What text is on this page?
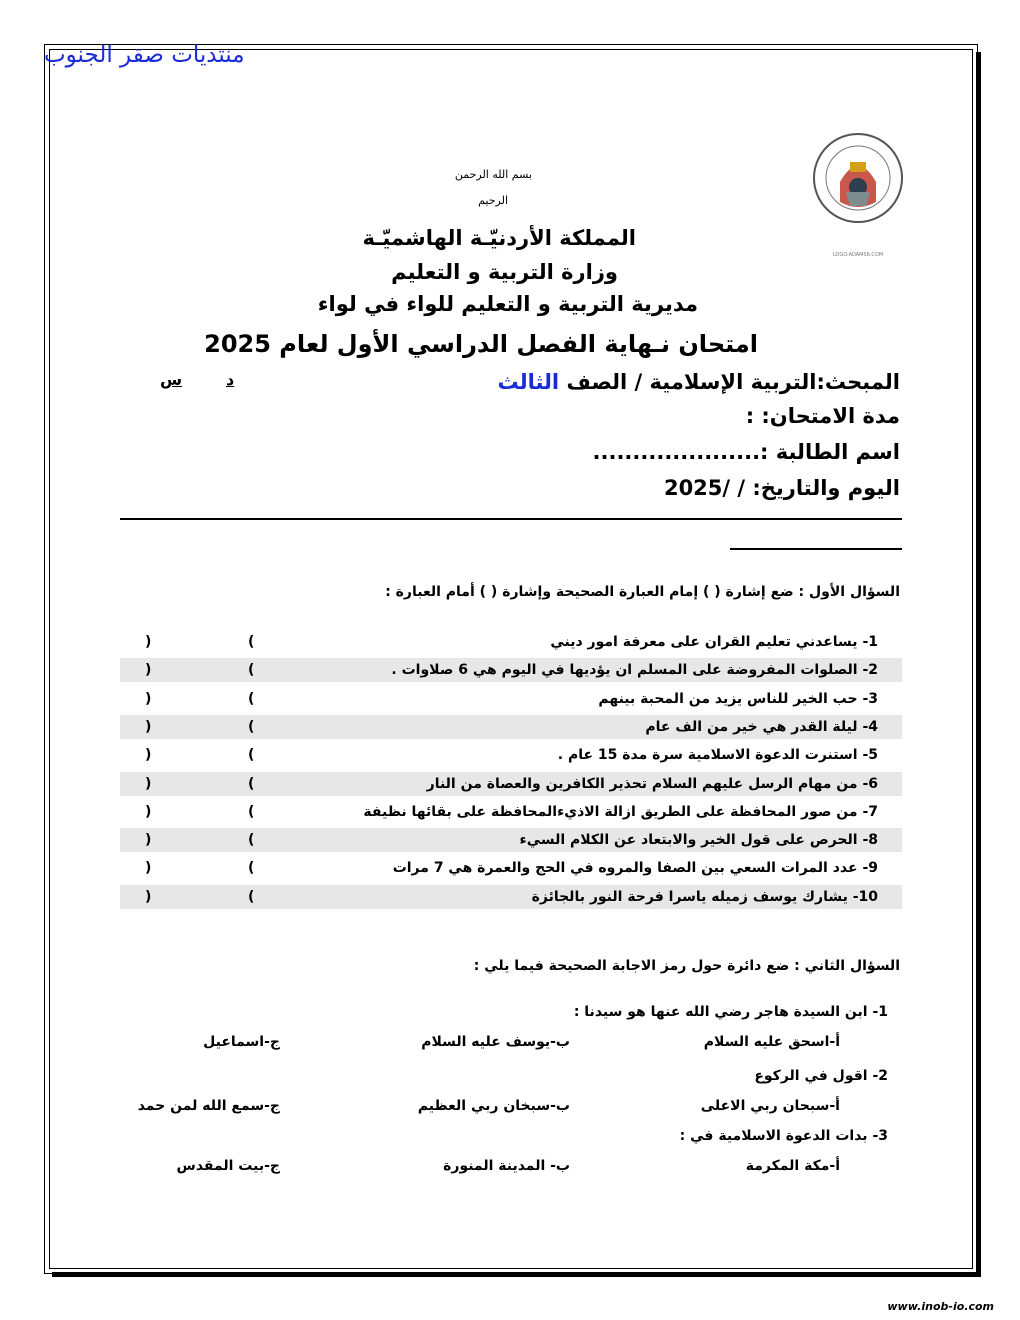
منتديات صقر الجنوب
LOGO.ADAMS6.COM
بسم الله الرحمن
الرحيم
المملكة الأردنيّـة الهاشميّـة
وزارة التربية و التعليم
مديرية التربية و التعليم للواء في لواء
امتحان نـهاية الفصل الدراسي الأول لعام 2025
المبحث:التربية الإسلامية / الصف الثالث
د
س
مدة الامتحان: :
اسم الطالبة :.....................
اليوم والتاريخ: / /2025
السؤال الأول : ضع إشارة ( ) إمام العبارة الصحيحة وإشارة ( ) أمام العبارة :
1- يساعدني تعليم القران على معرفة امور ديني
(
)
2- الصلوات المفروضة على المسلم ان يؤديها في اليوم هي 6 صلاوات .
(
)
3- حب الخير للناس يزيد من المحبة بينهم
(
)
4- ليلة القدر هي خير من الف عام
(
)
5- استنرت الدعوة الاسلامية سرة مدة 15 عام .
(
)
6- من مهام الرسل عليهم السلام تحذير الكافرين والعصاة من النار
(
)
7- من صور المحافظة على الطريق ازالة الاذيءالمحافظة على بقائها نظيفة
(
)
8- الحرص على قول الخير والابتعاد عن الكلام السيء
(
)
9- عدد المرات السعي بين الصفا والمروه في الحج والعمرة هي 7 مرات
(
)
10- يشارك يوسف زميله ياسرا فرحة النور بالجائزة
(
)
السؤال الثاني : ضع دائرة حول رمز الاجابة الصحيحة فيما يلي :
1- ابن السيدة هاجر رضي الله عنها هو سيدنا :
أ-اسحق عليه السلام
ب-يوسف عليه السلام
ج-اسماعيل
2- اقول في الركوع
أ-سبحان ربي الاعلى
ب-سبخان ربي العظيم
ج-سمع الله لمن حمد
3- بدات الدعوة الاسلامية في :
أ-مكة المكرمة
ب- المدينة المنورة
ج-بيت المقدس
www.inob-io.com
